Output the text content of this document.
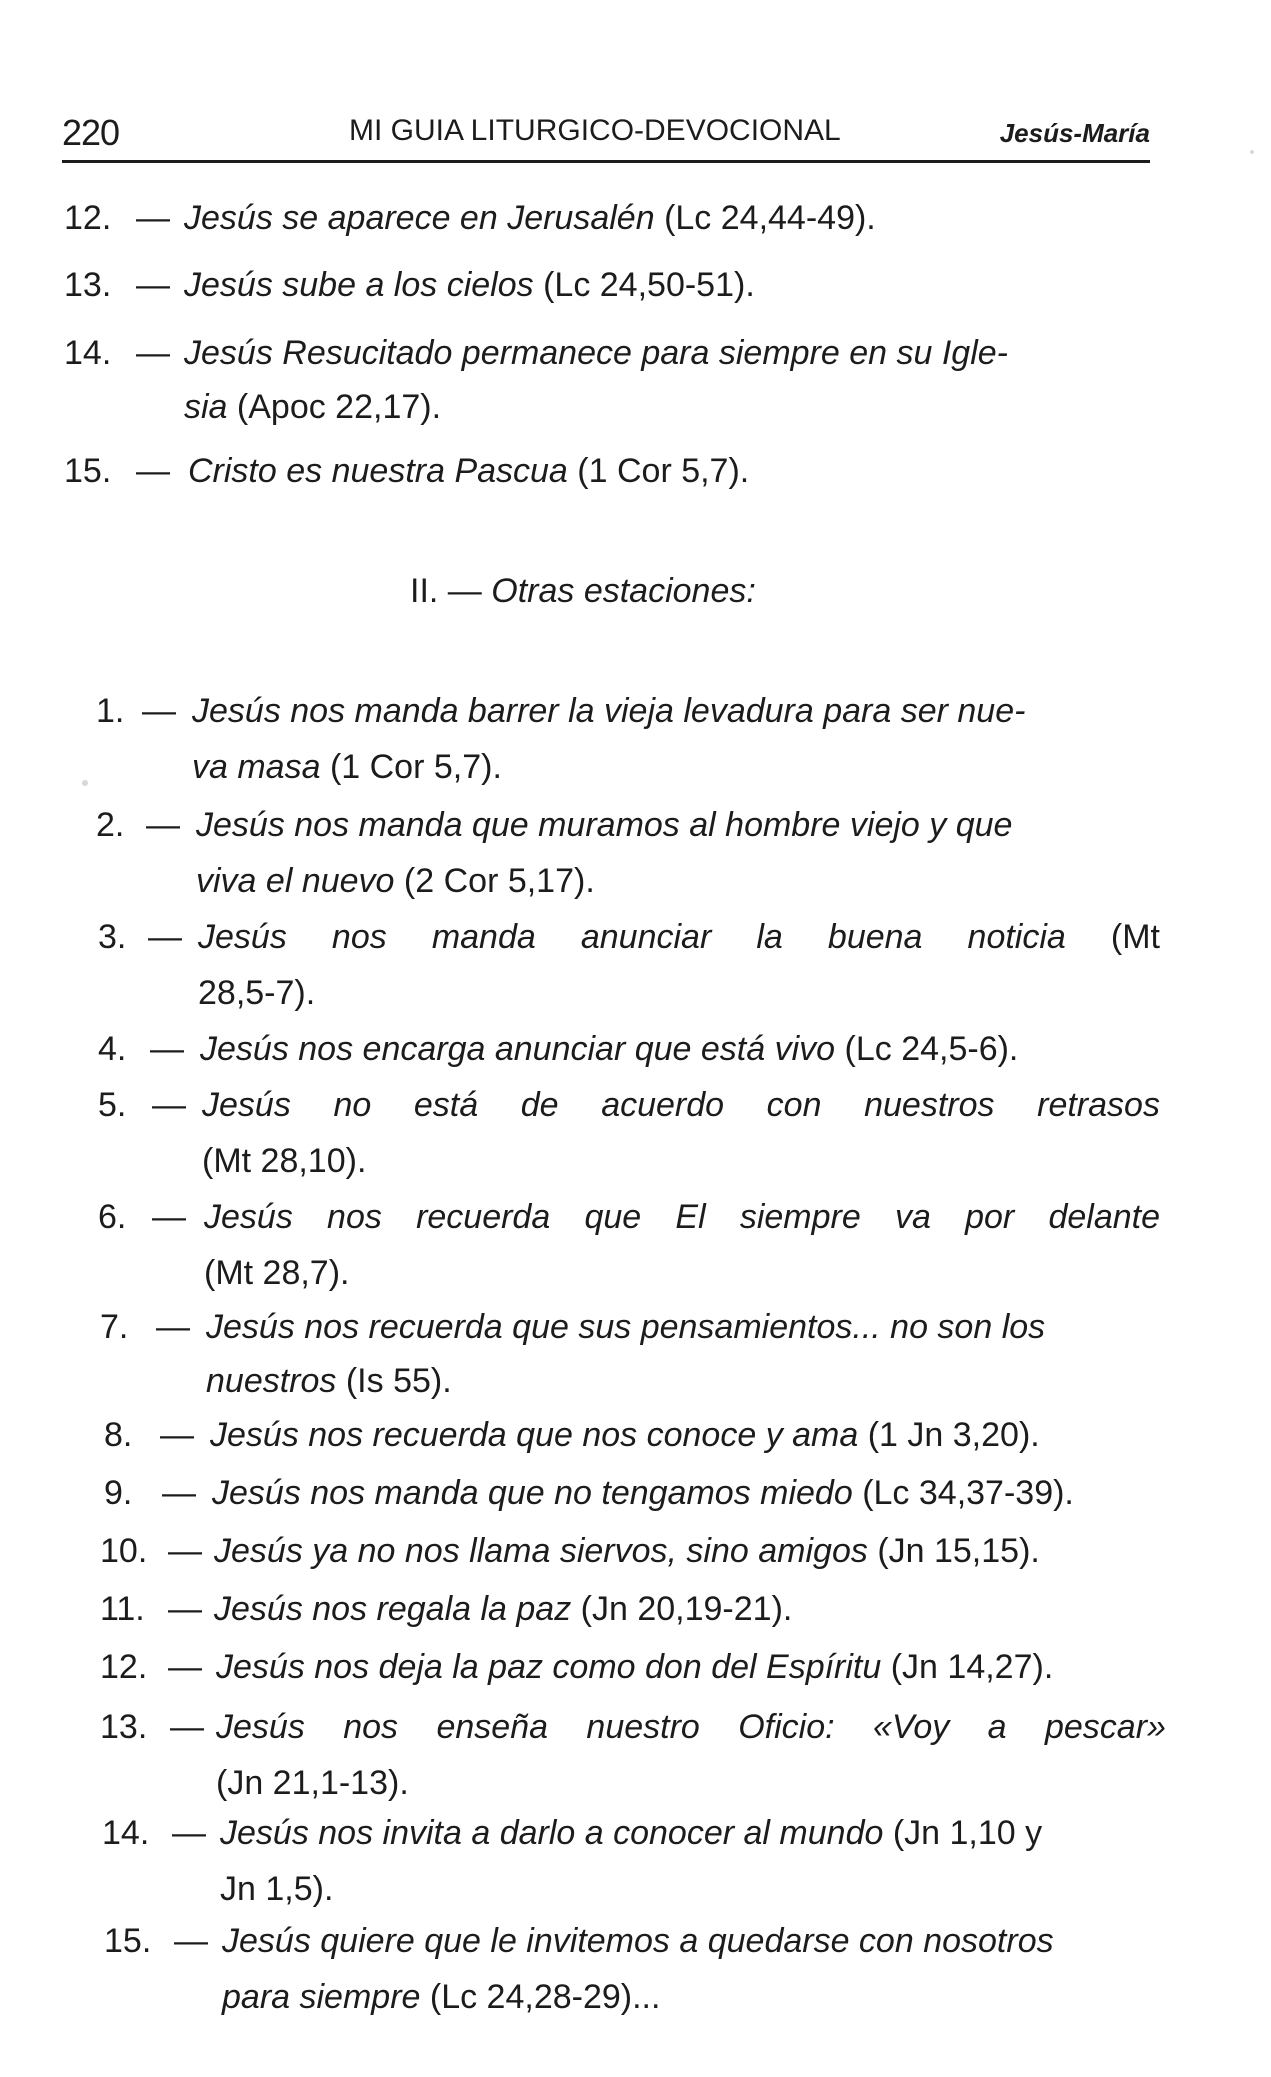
220	MI GUIA LITURGICO-DEVOCIONAL	Jesús-María
12. — Jesús se aparece en Jerusalén (Lc 24,44-49).
13. — Jesús sube a los cielos (Lc 24,50-51).
14. — Jesús Resucitado permanece para siempre en su Igle-
sia (Apoc 22,17).
15. — Cristo es nuestra Pascua (1 Cor 5,7).
II. — Otras estaciones:
1. — Jesús nos manda barrer la vieja levadura para ser nue-
va masa (1 Cor 5,7).
2. — Jesús nos manda que muramos al hombre viejo y que
viva el nuevo (2 Cor 5,17).
3. — Jesús nos manda anunciar la buena noticia (Mt
28,5-7).
4. — Jesús nos encarga anunciar que está vivo (Lc 24,5-6).
5. — Jesús no está de acuerdo con nuestros retrasos
(Mt 28,10).
6. — Jesús nos recuerda que El siempre va por delante
(Mt 28,7).
7. — Jesús nos recuerda que sus pensamientos... no son los
nuestros (Is 55).
8. — Jesús nos recuerda que nos conoce y ama (1 Jn 3,20).
9. — Jesús nos manda que no tengamos miedo (Lc 34,37-39).
10. — Jesús ya no nos llama siervos, sino amigos (Jn 15,15).
11. — Jesús nos regala la paz (Jn 20,19-21).
12. — Jesús nos deja la paz como don del Espíritu (Jn 14,27).
13. — Jesús nos enseña nuestro Oficio: «Voy a pescar»
(Jn 21,1-13).
14. — Jesús nos invita a darlo a conocer al mundo (Jn 1,10 y
Jn 1,5).
15. — Jesús quiere que le invitemos a quedarse con nosotros
para siempre (Lc 24,28-29)...
